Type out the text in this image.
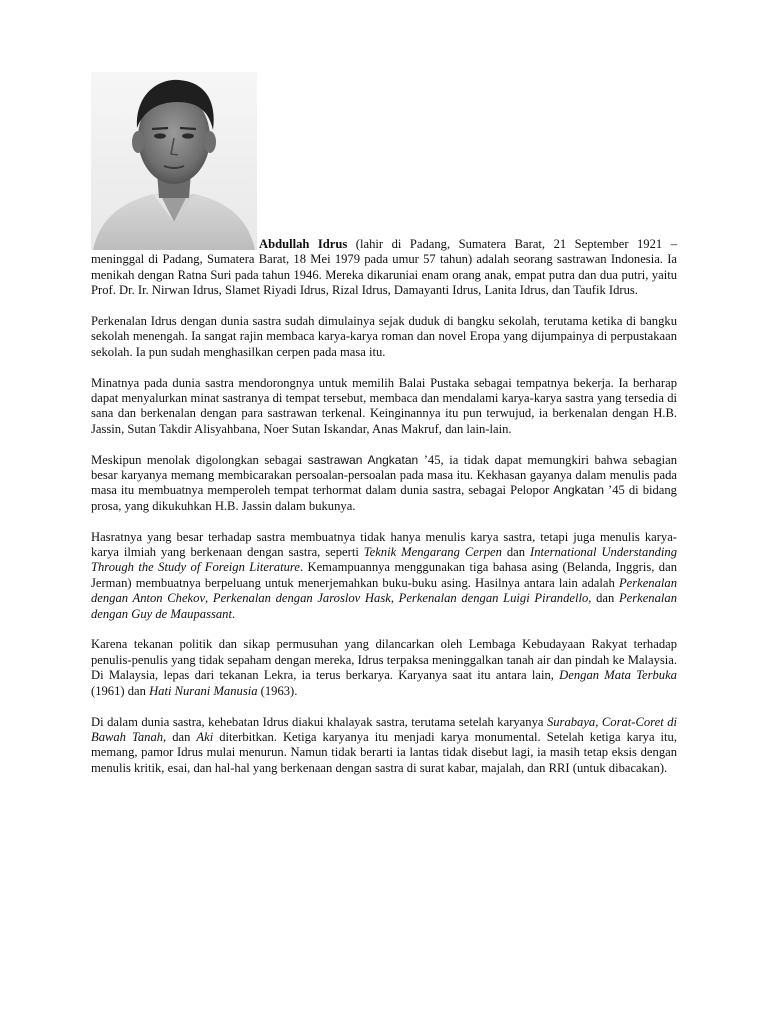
Abdullah Idrus (lahir di Padang, Sumatera Barat, 21 September 1921 – meninggal di Padang, Sumatera Barat, 18 Mei 1979 pada umur 57 tahun) adalah seorang sastrawan Indonesia. Ia menikah dengan Ratna Suri pada tahun 1946. Mereka dikaruniai enam orang anak, empat putra dan dua putri, yaitu Prof. Dr. Ir. Nirwan Idrus, Slamet Riyadi Idrus, Rizal Idrus, Damayanti Idrus, Lanita Idrus, dan Taufik Idrus.

Perkenalan Idrus dengan dunia sastra sudah dimulainya sejak duduk di bangku sekolah, terutama ketika di bangku sekolah menengah. Ia sangat rajin membaca karya-karya roman dan novel Eropa yang dijumpainya di perpustakaan sekolah. Ia pun sudah menghasilkan cerpen pada masa itu.

Minatnya pada dunia sastra mendorongnya untuk memilih Balai Pustaka sebagai tempatnya bekerja. Ia berharap dapat menyalurkan minat sastranya di tempat tersebut, membaca dan mendalami karya-karya sastra yang tersedia di sana dan berkenalan dengan para sastrawan terkenal. Keinginannya itu pun terwujud, ia berkenalan dengan H.B. Jassin, Sutan Takdir Alisyahbana, Noer Sutan Iskandar, Anas Makruf, dan lain-lain.

Meskipun menolak digolongkan sebagai sastrawan Angkatan ’45, ia tidak dapat memungkiri bahwa sebagian besar karyanya memang membicarakan persoalan-persoalan pada masa itu. Kekhasan gayanya dalam menulis pada masa itu membuatnya memperoleh tempat terhormat dalam dunia sastra, sebagai Pelopor Angkatan ’45 di bidang prosa, yang dikukuhkan H.B. Jassin dalam bukunya.

Hasratnya yang besar terhadap sastra membuatnya tidak hanya menulis karya sastra, tetapi juga menulis karya-karya ilmiah yang berkenaan dengan sastra, seperti Teknik Mengarang Cerpen dan International Understanding Through the Study of Foreign Literature. Kemampuannya menggunakan tiga bahasa asing (Belanda, Inggris, dan Jerman) membuatnya berpeluang untuk menerjemahkan buku-buku asing. Hasilnya antara lain adalah Perkenalan dengan Anton Chekov, Perkenalan dengan Jaroslov Hask, Perkenalan dengan Luigi Pirandello, dan Perkenalan dengan Guy de Maupassant.

Karena tekanan politik dan sikap permusuhan yang dilancarkan oleh Lembaga Kebudayaan Rakyat terhadap penulis-penulis yang tidak sepaham dengan mereka, Idrus terpaksa meninggalkan tanah air dan pindah ke Malaysia. Di Malaysia, lepas dari tekanan Lekra, ia terus berkarya. Karyanya saat itu antara lain, Dengan Mata Terbuka (1961) dan Hati Nurani Manusia (1963).

Di dalam dunia sastra, kehebatan Idrus diakui khalayak sastra, terutama setelah karyanya Surabaya, Corat-Coret di Bawah Tanah, dan Aki diterbitkan. Ketiga karyanya itu menjadi karya monumental. Setelah ketiga karya itu, memang, pamor Idrus mulai menurun. Namun tidak berarti ia lantas tidak disebut lagi, ia masih tetap eksis dengan menulis kritik, esai, dan hal-hal yang berkenaan dengan sastra di surat kabar, majalah, dan RRI (untuk dibacakan).
